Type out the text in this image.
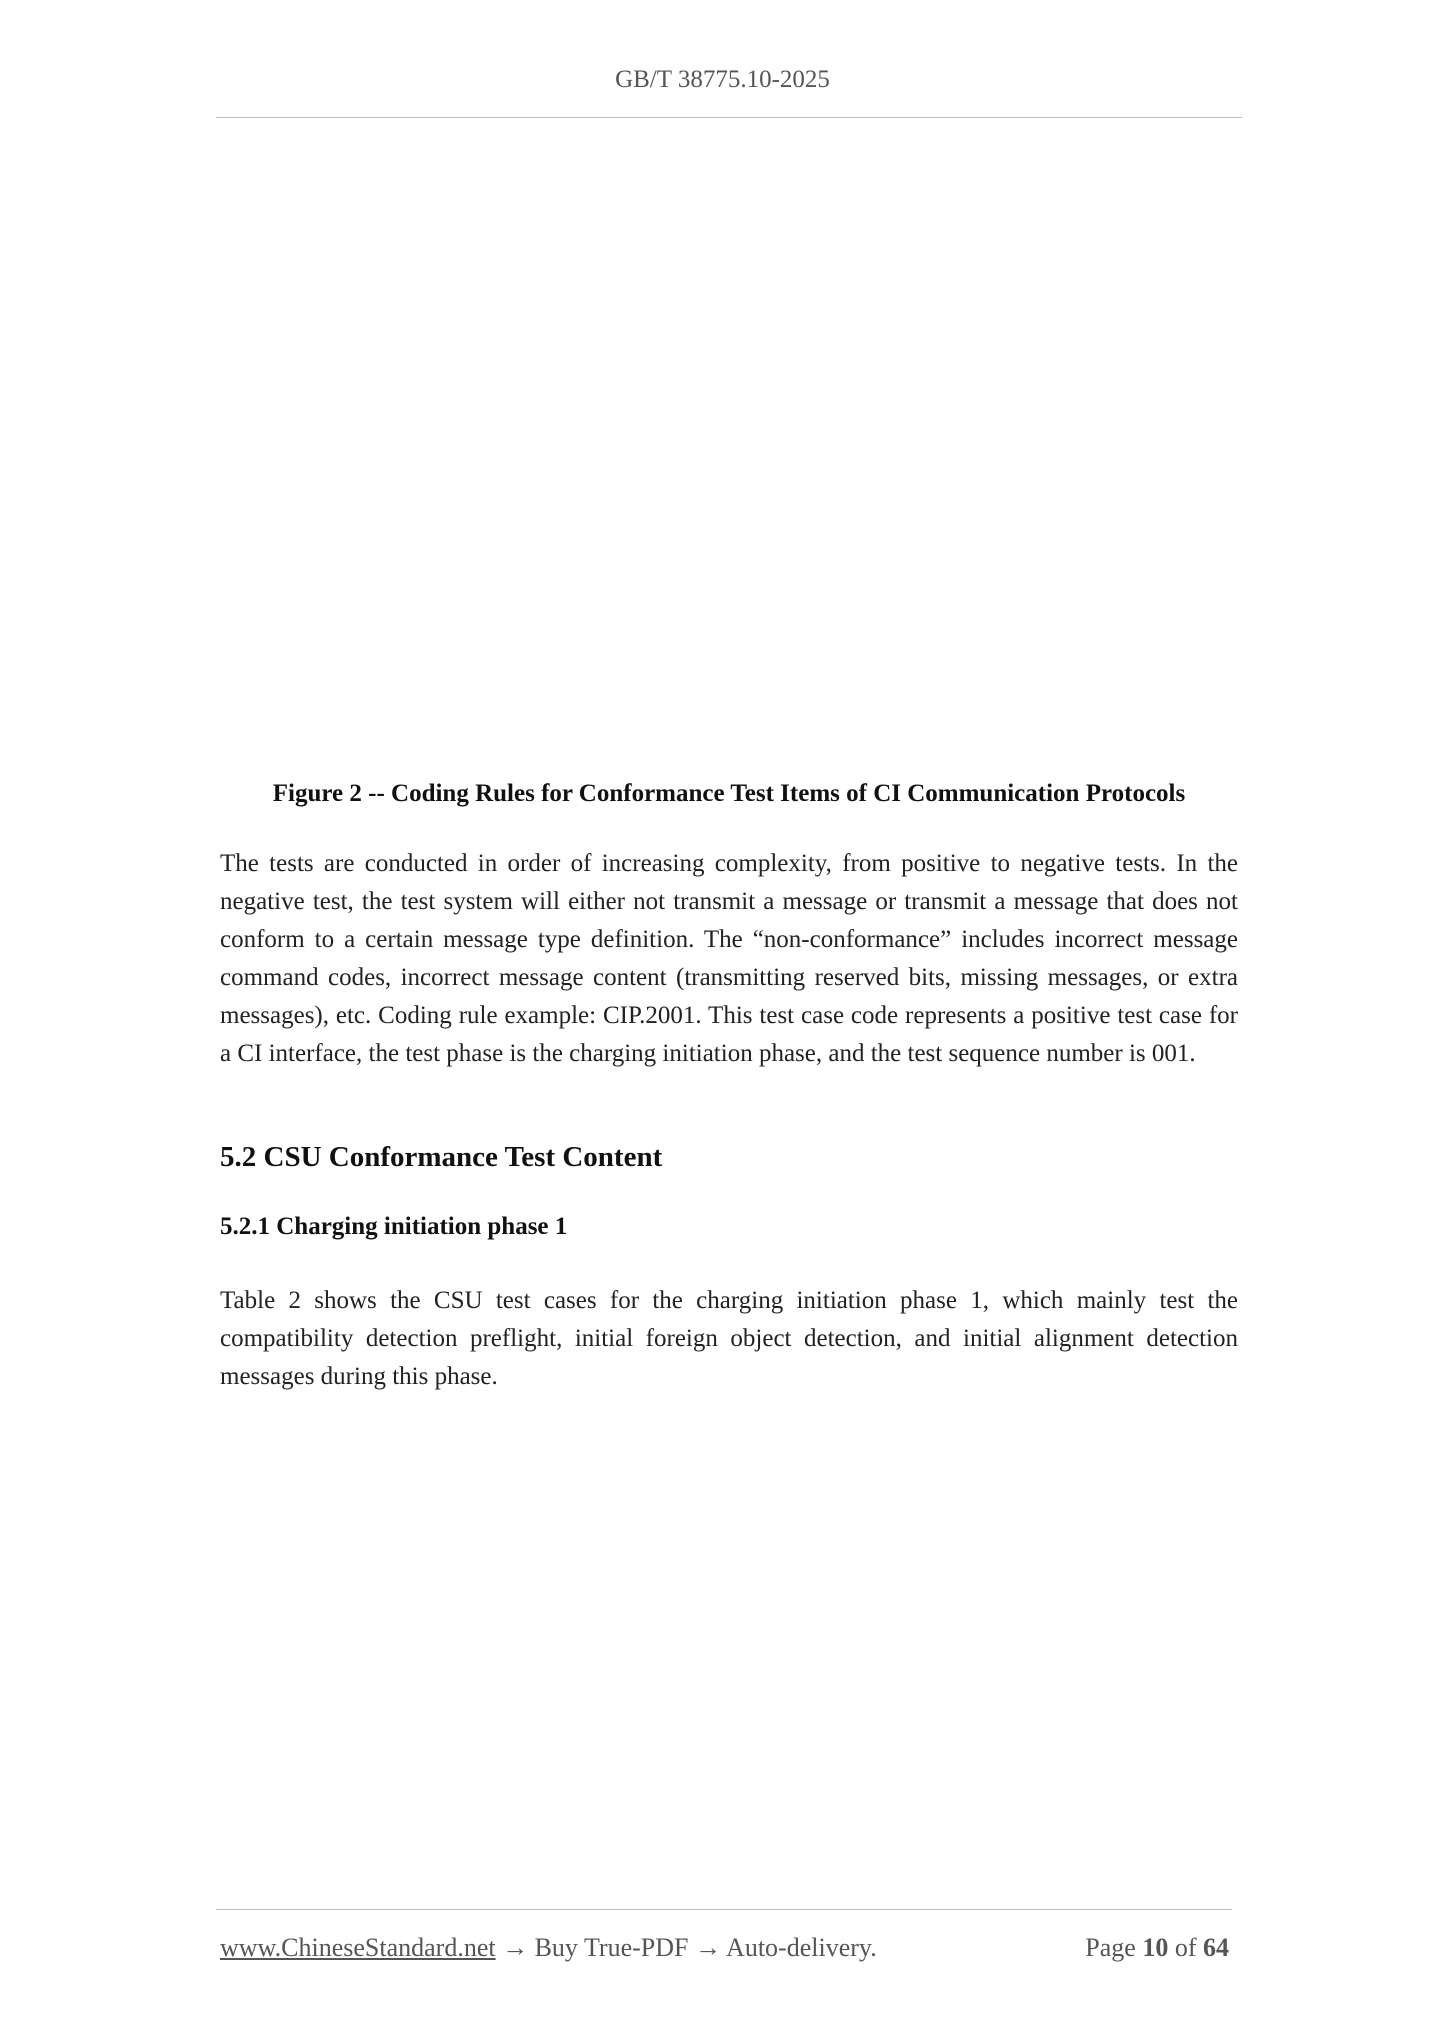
GB/T 38775.10-2025
Figure 2 -- Coding Rules for Conformance Test Items of CI Communication Protocols
The tests are conducted in order of increasing complexity, from positive to negative tests. In the negative test, the test system will either not transmit a message or transmit a message that does not conform to a certain message type definition. The “non-conformance” includes incorrect message command codes, incorrect message content (transmitting reserved bits, missing messages, or extra messages), etc. Coding rule example: CIP.2001. This test case code represents a positive test case for a CI interface, the test phase is the charging initiation phase, and the test sequence number is 001.
5.2 CSU Conformance Test Content
5.2.1 Charging initiation phase 1
Table 2 shows the CSU test cases for the charging initiation phase 1, which mainly test the compatibility detection preflight, initial foreign object detection, and initial alignment detection messages during this phase.
www.ChineseStandard.net → Buy True-PDF → Auto-delivery.	Page 10 of 64
